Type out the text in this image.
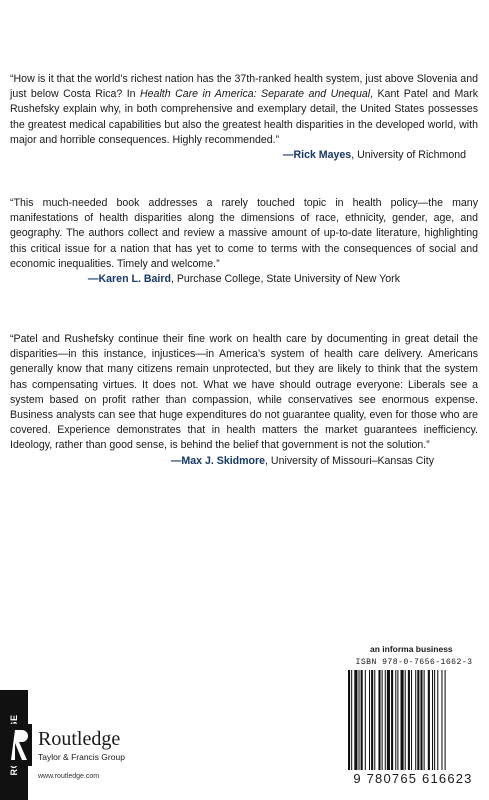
“How is it that the world’s richest nation has the 37th-ranked health system, just above Slovenia and just below Costa Rica? In Health Care in America: Separate and Unequal, Kant Patel and Mark Rushefsky explain why, in both comprehensive and exemplary detail, the United States possesses the greatest medical capabilities but also the greatest health disparities in the developed world, with major and horrible consequences. Highly recommended.”
—Rick Mayes, University of Richmond
“This much-needed book addresses a rarely touched topic in health policy—the many manifestations of health disparities along the dimensions of race, ethnicity, gender, age, and geography. The authors collect and review a massive amount of up-to-date literature, highlighting this critical issue for a nation that has yet to come to terms with the consequences of social and economic inequalities. Timely and welcome.”
—Karen L. Baird, Purchase College, State University of New York
“Patel and Rushefsky continue their fine work on health care by documenting in great detail the disparities—in this instance, injustices—in America’s system of health care delivery. Americans generally know that many citizens remain unprotected, but they are likely to think that the system has compensating virtues. It does not. What we have should outrage everyone: Liberals see a system based on profit rather than compassion, while conservatives see enormous expense. Business analysts can see that huge expenditures do not guarantee quality, even for those who are covered. Experience demonstrates that in health matters the market guarantees inefficiency. Ideology, rather than good sense, is behind the belief that government is not the solution.”
—Max J. Skidmore, University of Missouri–Kansas City
an informa business
ISBN 978-0-7656-1662-3
9 780765 616623
Routledge
Taylor & Francis Group
www.routledge.com
